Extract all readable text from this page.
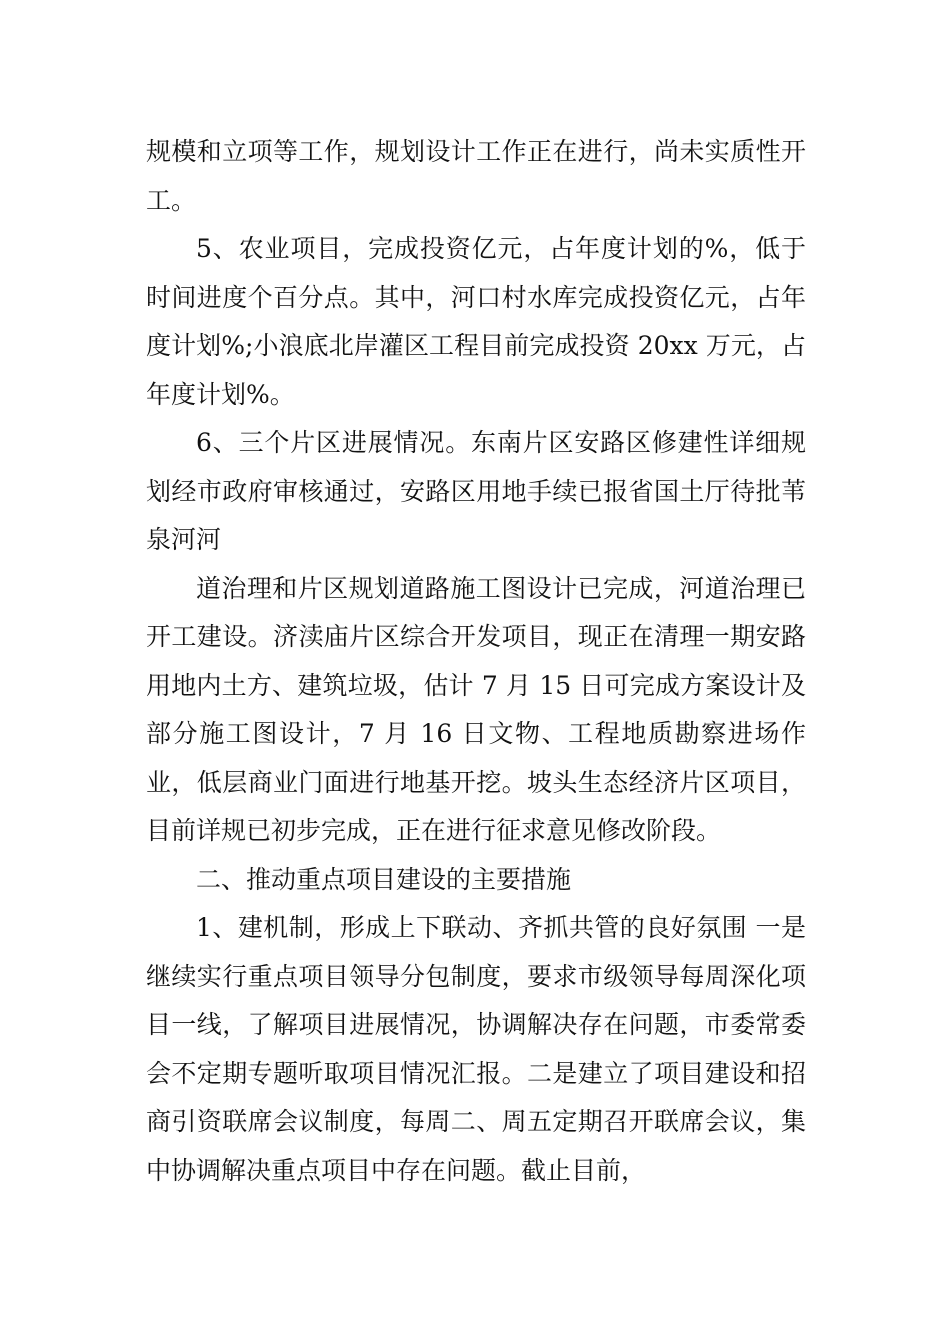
规模和立项等工作，规划设计工作正在进行，尚未实质性开工。

5、农业项目，完成投资亿元，占年度计划的%，低于时间进度个百分点。其中，河口村水库完成投资亿元，占年度计划%;小浪底北岸灌区工程目前完成投资 20xx 万元，占年度计划%。

6、三个片区进展情况。东南片区安路区修建性详细规划经市政府审核通过，安路区用地手续已报省国土厅待批苇泉河河

道治理和片区规划道路施工图设计已完成，河道治理已开工建设。济渎庙片区综合开发项目，现正在清理一期安路用地内土方、建筑垃圾，估计 7 月 15 日可完成方案设计及部分施工图设计，7 月 16 日文物、工程地质勘察进场作业，低层商业门面进行地基开挖。坡头生态经济片区项目，目前详规已初步完成，正在进行征求意见修改阶段。

二、推动重点项目建设的主要措施

1、建机制，形成上下联动、齐抓共管的良好氛围 一是继续实行重点项目领导分包制度，要求市级领导每周深化项目一线，了解项目进展情况，协调解决存在问题，市委常委会不定期专题听取项目情况汇报。二是建立了项目建设和招商引资联席会议制度，每周二、周五定期召开联席会议，集中协调解决重点项目中存在问题。截止目前，
